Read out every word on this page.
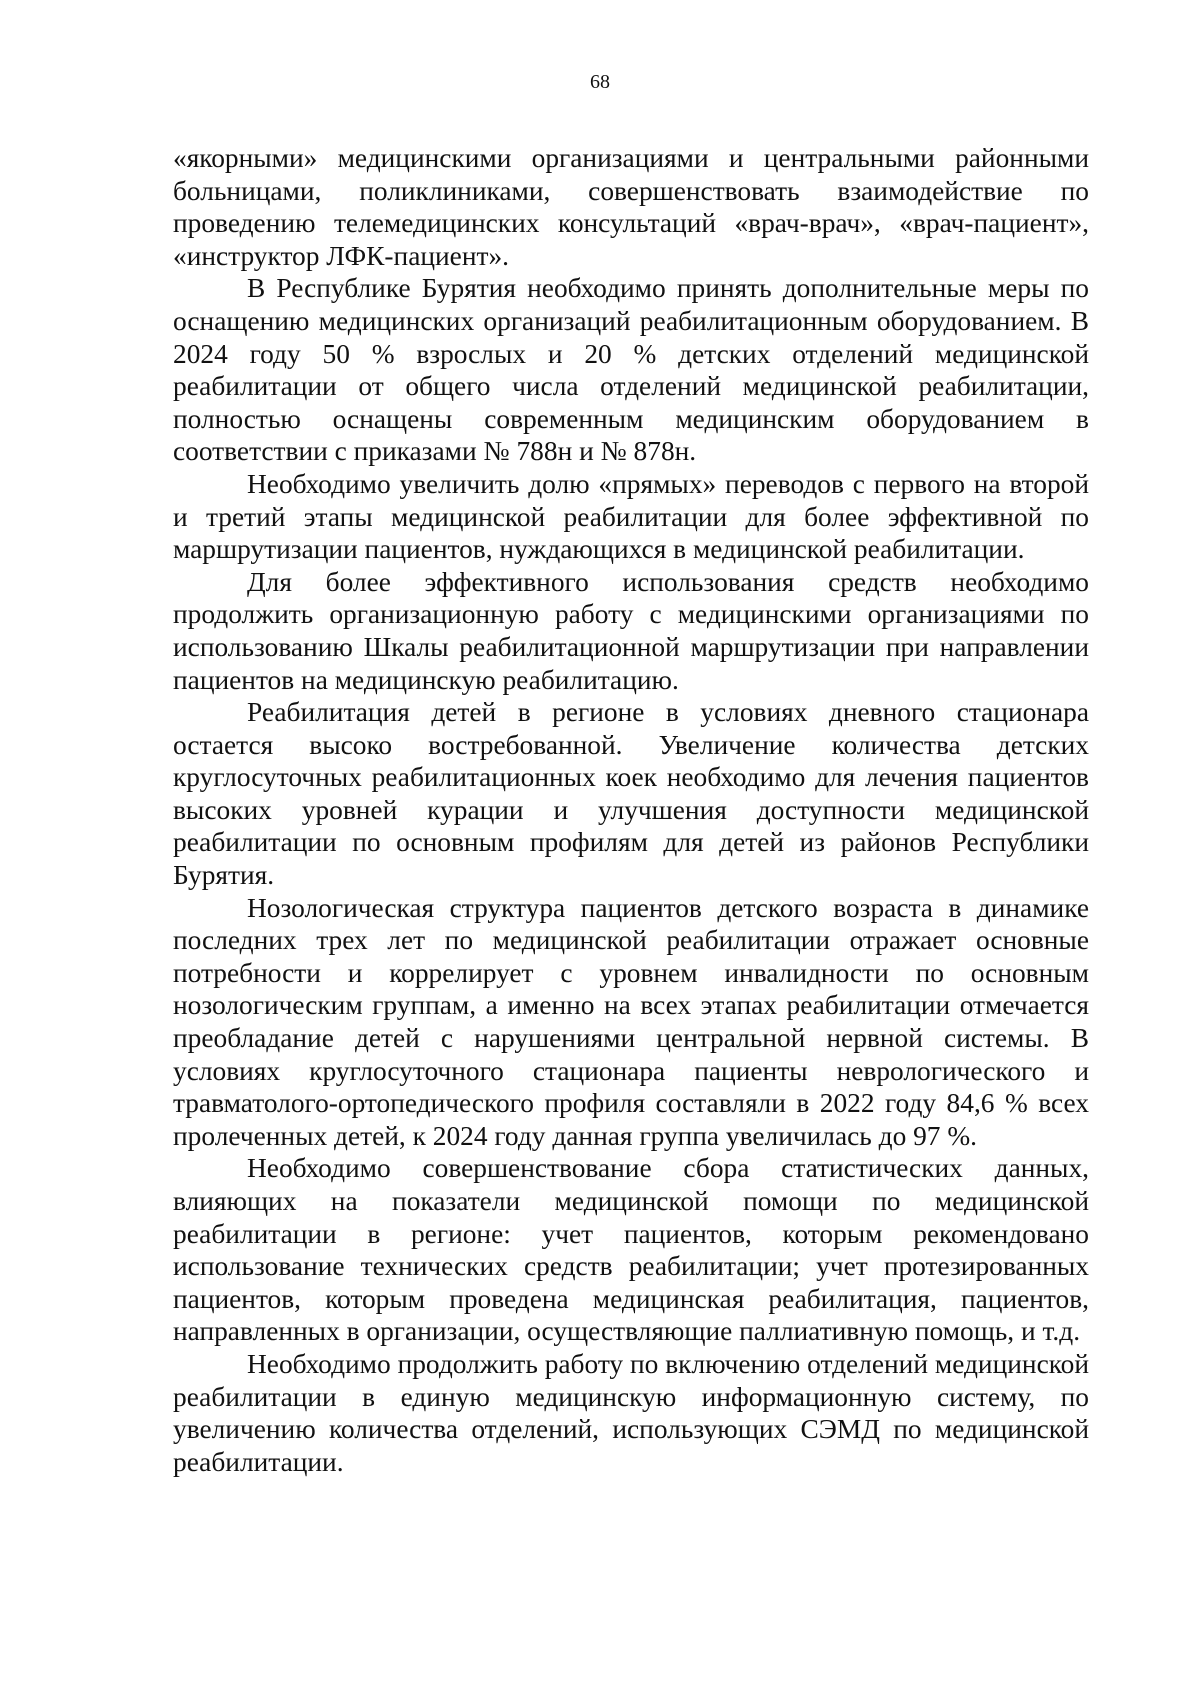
68

«якорными» медицинскими организациями и центральными районными больницами, поликлиниками, совершенствовать взаимодействие по проведению телемедицинских консультаций «врач-врач», «врач-пациент», «инструктор ЛФК-пациент».

В Республике Бурятия необходимо принять дополнительные меры по оснащению медицинских организаций реабилитационным оборудованием. В 2024 году 50 % взрослых и 20 % детских отделений медицинской реабилитации от общего числа отделений медицинской реабилитации, полностью оснащены современным медицинским оборудованием в соответствии с приказами № 788н и № 878н.

Необходимо увеличить долю «прямых» переводов с первого на второй и третий этапы медицинской реабилитации для более эффективной по маршрутизации пациентов, нуждающихся в медицинской реабилитации.

Для более эффективного использования средств необходимо продолжить организационную работу с медицинскими организациями по использованию Шкалы реабилитационной маршрутизации при направлении пациентов на медицинскую реабилитацию.

Реабилитация детей в регионе в условиях дневного стационара остается высоко востребованной. Увеличение количества детских круглосуточных реабилитационных коек необходимо для лечения пациентов высоких уровней курации и улучшения доступности медицинской реабилитации по основным профилям для детей из районов Республики Бурятия.

Нозологическая структура пациентов детского возраста в динамике последних трех лет по медицинской реабилитации отражает основные потребности и коррелирует с уровнем инвалидности по основным нозологическим группам, а именно на всех этапах реабилитации отмечается преобладание детей с нарушениями центральной нервной системы. В условиях круглосуточного стационара пациенты неврологического и травматолого-ортопедического профиля составляли в 2022 году 84,6 % всех пролеченных детей, к 2024 году данная группа увеличилась до 97 %.

Необходимо совершенствование сбора статистических данных, влияющих на показатели медицинской помощи по медицинской реабилитации в регионе: учет пациентов, которым рекомендовано использование технических средств реабилитации; учет протезированных пациентов, которым проведена медицинская реабилитация, пациентов, направленных в организации, осуществляющие паллиативную помощь, и т.д.

Необходимо продолжить работу по включению отделений медицинской реабилитации в единую медицинскую информационную систему, по увеличению количества отделений, использующих СЭМД по медицинской реабилитации.
